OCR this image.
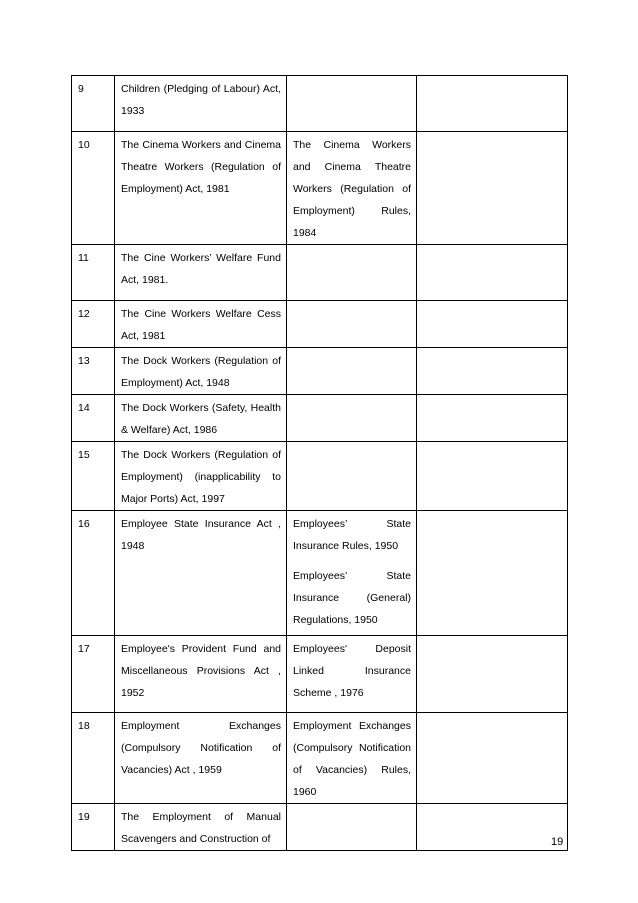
9	Children (Pledging of Labour) Act, 1933		
10	The Cinema Workers and Cinema Theatre Workers (Regulation of Employment) Act, 1981	The Cinema Workers and Cinema Theatre Workers (Regulation of Employment) Rules, 1984	

11	The Cine Workers’ Welfare Fund Act, 1981.		
12	The Cine Workers Welfare Cess Act, 1981		
13	The Dock Workers (Regulation of Employment) Act, 1948		
14	The Dock Workers (Safety, Health & Welfare) Act, 1986		
15	The Dock Workers (Regulation of Employment) (inapplicability to Major Ports) Act, 1997		
16	Employee State Insurance Act , 1948	Employees’ State Insurance Rules, 1950
Employees’ State Insurance (General) Regulations, 1950	

17	Employee's Provident Fund and Miscellaneous Provisions Act , 1952	Employees' Deposit Linked Insurance Scheme , 1976	

18	Employment Exchanges (Compulsory Notification of Vacancies) Act , 1959	Employment Exchanges (Compulsory Notification of Vacancies) Rules, 1960	

19	The Employment of Manual Scavengers and Construction of			19
